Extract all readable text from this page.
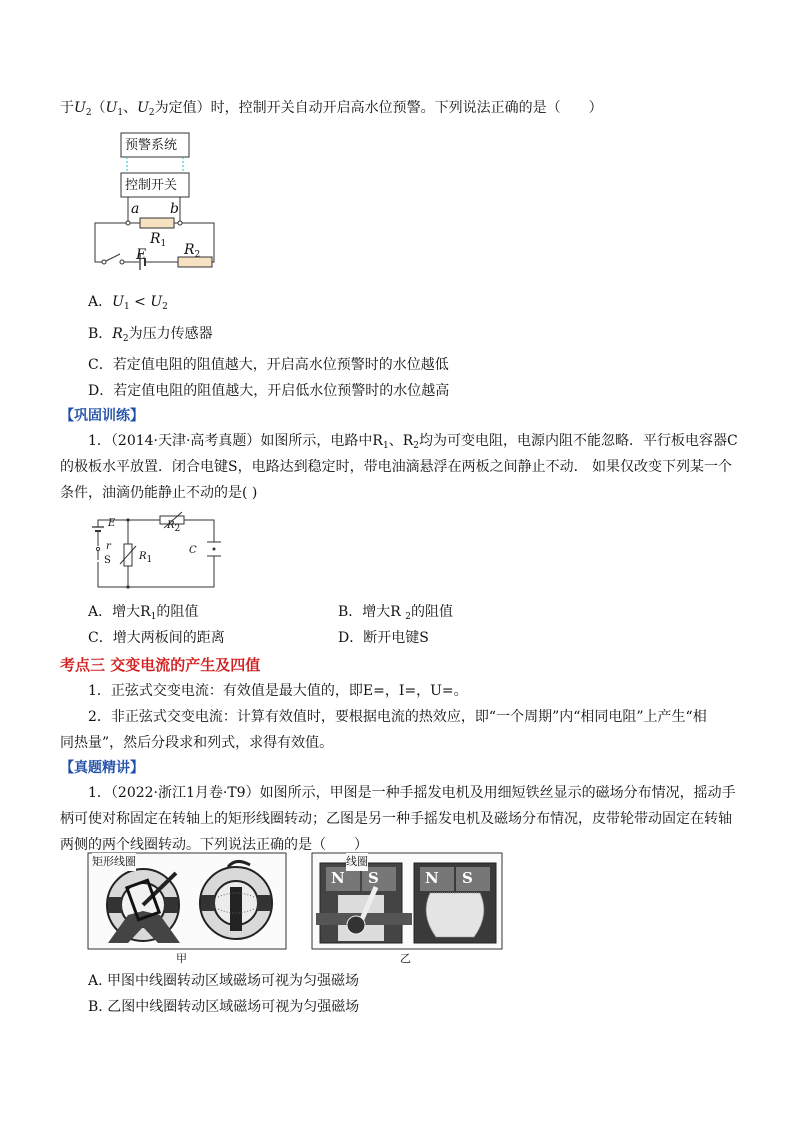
于$U_2(U_1$、$U_2$为定值）时，控制开关自动开启高水位预警。下列说法正确的是（　　）
预警系统
控制开关
a b
$R_1$
E	$R_2$
A．$U_1 < U_2$
B．$R_2$为压力传感器
C．若定值电阻的阻值越大，开启高水位预警时的水位越低
D．若定值电阻的阻值越大，开启低水位预警时的水位越高
【巩固训练】
1．（2014·天津·高考真题）如图所示，电路中$R_1$、$R_2$均为可变电阻，电源内阻不能忽略．平行板电容器C
的极板水平放置．闭合电键S，电路达到稳定时，带电油滴悬浮在两板之间静止不动． 如果仅改变下列某一个
条件，油滴仍能静止不动的是( )
E
r
S	R1
R2
C
A．增大$R_1$的阻值	B．增大R $_2$的阻值
C．增大两板间的距离	D．断开电键S
考点三 交变电流的产生及四值
1．正弦式交变电流：有效值是最大值的，即E=，I=，U=。
2．非正弦式交变电流：计算有效值时，要根据电流的热效应，即“一个周期”内“相同电阻”上产生“相
同热量”，然后分段求和列式，求得有效值。
【真题精讲】
1．（2022·浙江1月卷·T9）如图所示，甲图是一种手摇发电机及用细短铁丝显示的磁场分布情况，摇动手
柄可使对称固定在转轴上的矩形线圈转动；乙图是另一种手摇发电机及磁场分布情况，皮带轮带动固定在转轴
两侧的两个线圈转动。下列说法正确的是（　　）
矩形线圈
甲
线圈
N S	N S
乙
A. 甲图中线圈转动区域磁场可视为匀强磁场
B. 乙图中线圈转动区域磁场可视为匀强磁场
